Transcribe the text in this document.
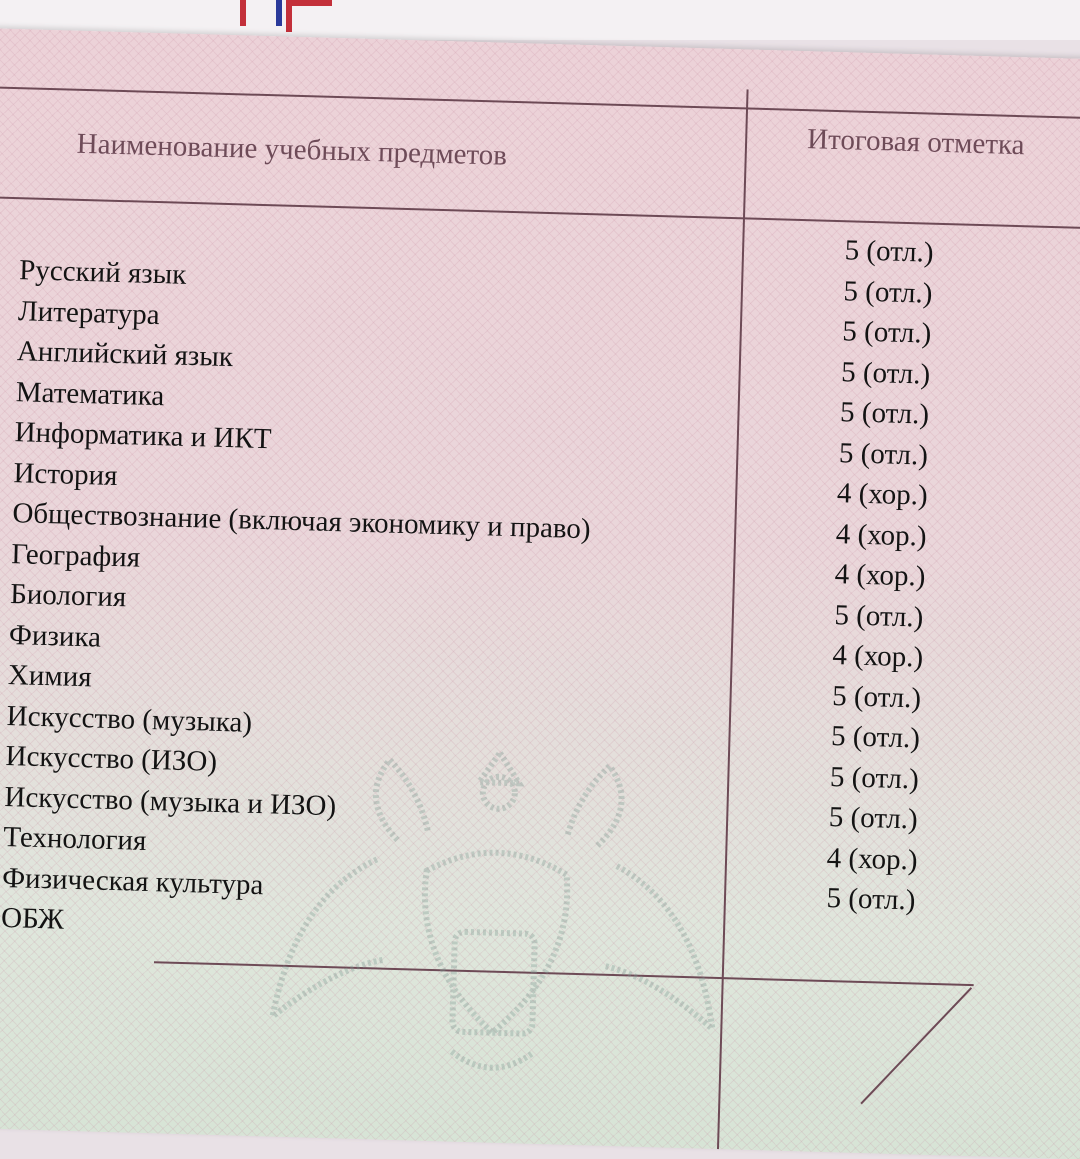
Наименование учебных предметов	Итоговая отметка
Русский язык
Литература
Английский язык
Математика
Информатика и ИКТ
История
Обществознание (включая экономику и право)
География
Биология
Физика
Химия
Искусство (музыка)
Искусство (ИЗО)
Искусство (музыка и ИЗО)
Технология
Физическая культура
ОБЖ
5 (отл.)
5 (отл.)
5 (отл.)
5 (отл.)
5 (отл.)
5 (отл.)
4 (хор.)
4 (хор.)
4 (хор.)
5 (отл.)
4 (хор.)
5 (отл.)
5 (отл.)
5 (отл.)
5 (отл.)
4 (хор.)
5 (отл.)
